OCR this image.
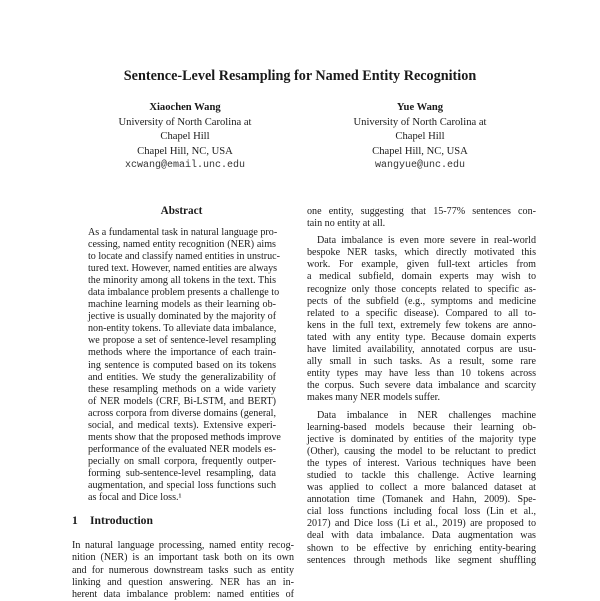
Sentence-Level Resampling for Named Entity Recognition
Xiaochen Wang
University of North Carolina at
Chapel Hill
Chapel Hill, NC, USA
xcwang@email.unc.edu
Yue Wang
University of North Carolina at
Chapel Hill
Chapel Hill, NC, USA
wangyue@unc.edu
Abstract
As a fundamental task in natural language pro-
cessing, named entity recognition (NER) aims
to locate and classify named entities in unstruc-
tured text. However, named entities are always
the minority among all tokens in the text. This
data imbalance problem presents a challenge to
machine learning models as their learning ob-
jective is usually dominated by the majority of
non-entity tokens. To alleviate data imbalance,
we propose a set of sentence-level resampling
methods where the importance of each train-
ing sentence is computed based on its tokens
and entities. We study the generalizability of
these resampling methods on a wide variety
of NER models (CRF, Bi-LSTM, and BERT)
across corpora from diverse domains (general,
social, and medical texts). Extensive experi-
ments show that the proposed methods improve
performance of the evaluated NER models es-
pecially on small corpora, frequently outper-
forming sub-sentence-level resampling, data
augmentation, and special loss functions such
as focal and Dice loss.¹
1 Introduction
In natural language processing, named entity recog-
nition (NER) is an important task both on its own
and for numerous downstream tasks such as entity
linking and question answering. NER has an in-
herent data imbalance problem: named entities of
one entity, suggesting that 15-77% sentences con-
tain no entity at all.
Data imbalance is even more severe in real-world
bespoke NER tasks, which directly motivated this
work. For example, given full-text articles from
a medical subfield, domain experts may wish to
recognize only those concepts related to specific as-
pects of the subfield (e.g., symptoms and medicine
related to a specific disease). Compared to all to-
kens in the full text, extremely few tokens are anno-
tated with any entity type. Because domain experts
have limited availability, annotated corpus are usu-
ally small in such tasks. As a result, some rare
entity types may have less than 10 tokens across
the corpus. Such severe data imbalance and scarcity
makes many NER models suffer.
Data imbalance in NER challenges machine
learning-based models because their learning ob-
jective is dominated by entities of the majority type
(Other), causing the model to be reluctant to predict
the types of interest. Various techniques have been
studied to tackle this challenge. Active learning
was applied to collect a more balanced dataset at
annotation time (Tomanek and Hahn, 2009). Spe-
cial loss functions including focal loss (Lin et al.,
2017) and Dice loss (Li et al., 2019) are proposed to
deal with data imbalance. Data augmentation was
shown to be effective by enriching entity-bearing
sentences through methods like segment shuffling
